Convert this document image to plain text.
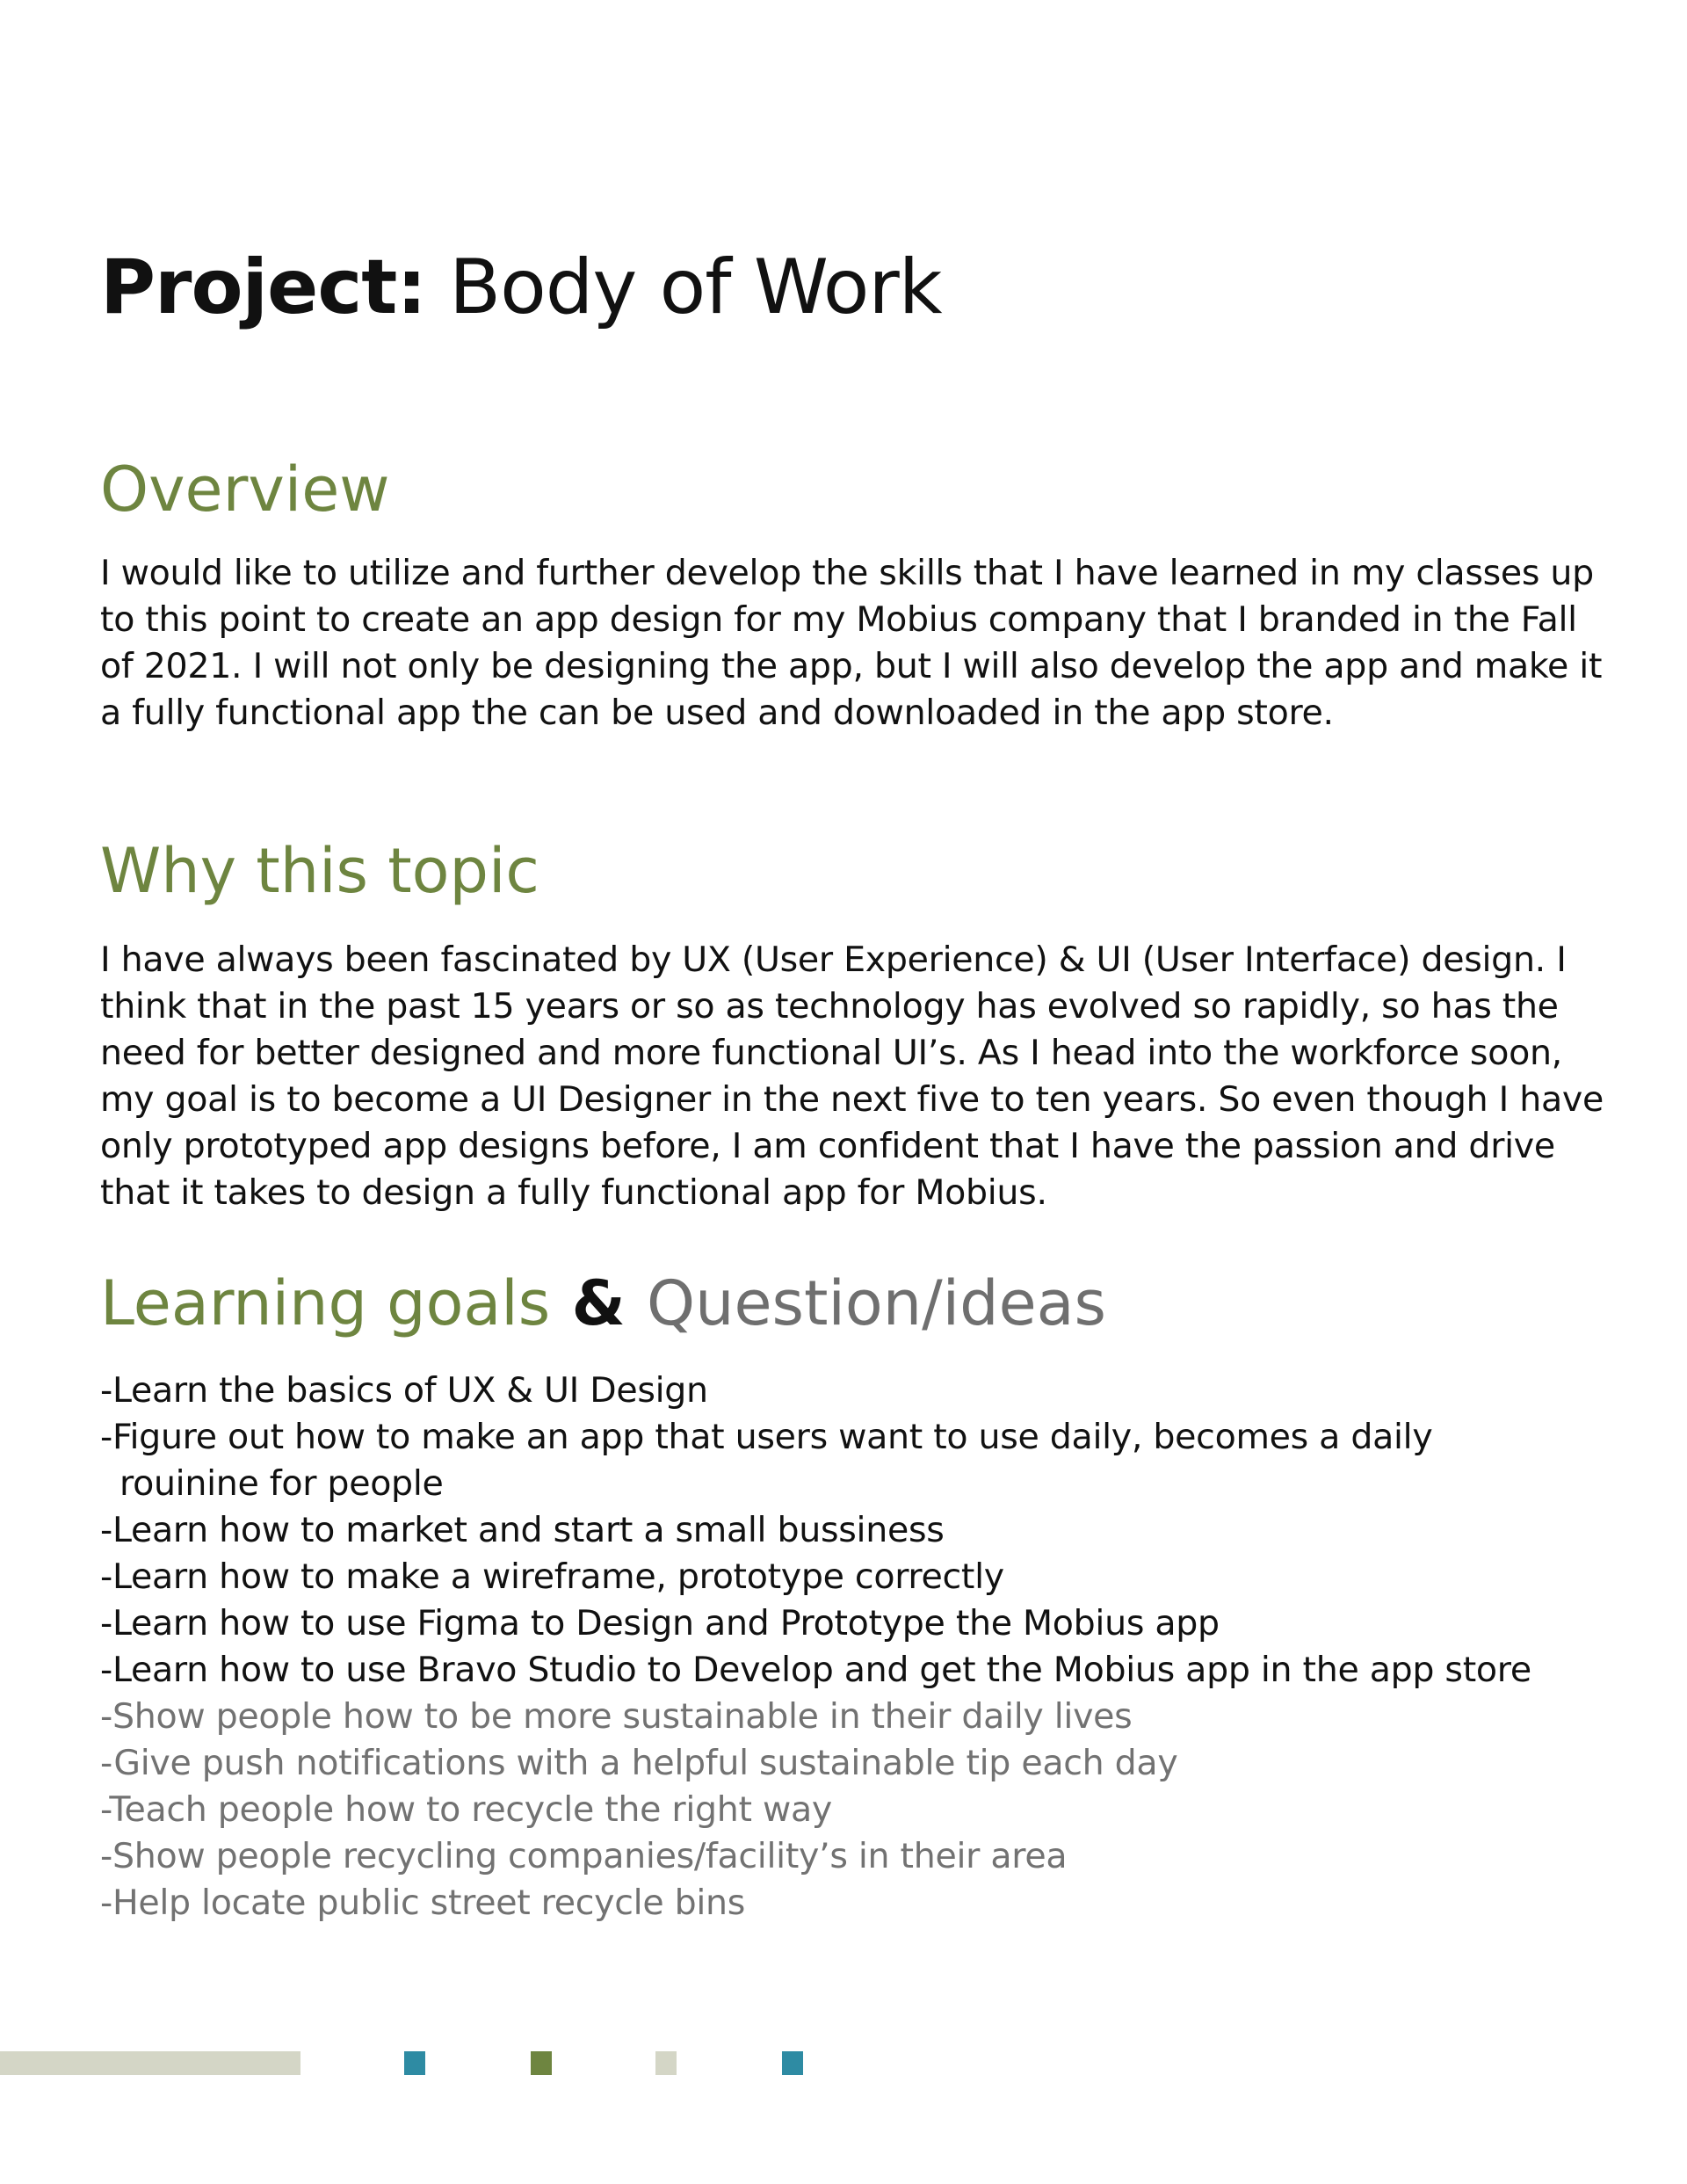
Project: Body of Work
Overview
I would like to utilize and further develop the skills that I have learned in my classes up to this point to create an app design for my Mobius company that I branded in the Fall of 2021. I will not only be designing the app, but I will also develop the app and make it a fully functional app the can be used and downloaded in the app store.
Why this topic
I have always been fascinated by UX (User Experience) & UI (User Interface) design. I think that in the past 15 years or so as technology has evolved so rapidly, so has the need for better designed and more functional UI’s. As I head into the workforce soon, my goal is to become a UI Designer in the next five to ten years. So even though I have only prototyped app designs before, I am confident that I have the passion and drive that it takes to design a fully functional app for Mobius.
Learning goals & Question/ideas
-Learn the basics of UX & UI Design
-Figure out how to make an app that users want to use daily, becomes a daily rouinine for people
-Learn how to market and start a small bussiness
-Learn how to make a wireframe, prototype correctly
-Learn how to use Figma to Design and Prototype the Mobius app
-Learn how to use Bravo Studio to Develop and get the Mobius app in the app store
-Show people how to be more sustainable in their daily lives
-Give push notifications with a helpful sustainable tip each day
-Teach people how to recycle the right way
-Show people recycling companies/facility’s in their area
-Help locate public street recycle bins
